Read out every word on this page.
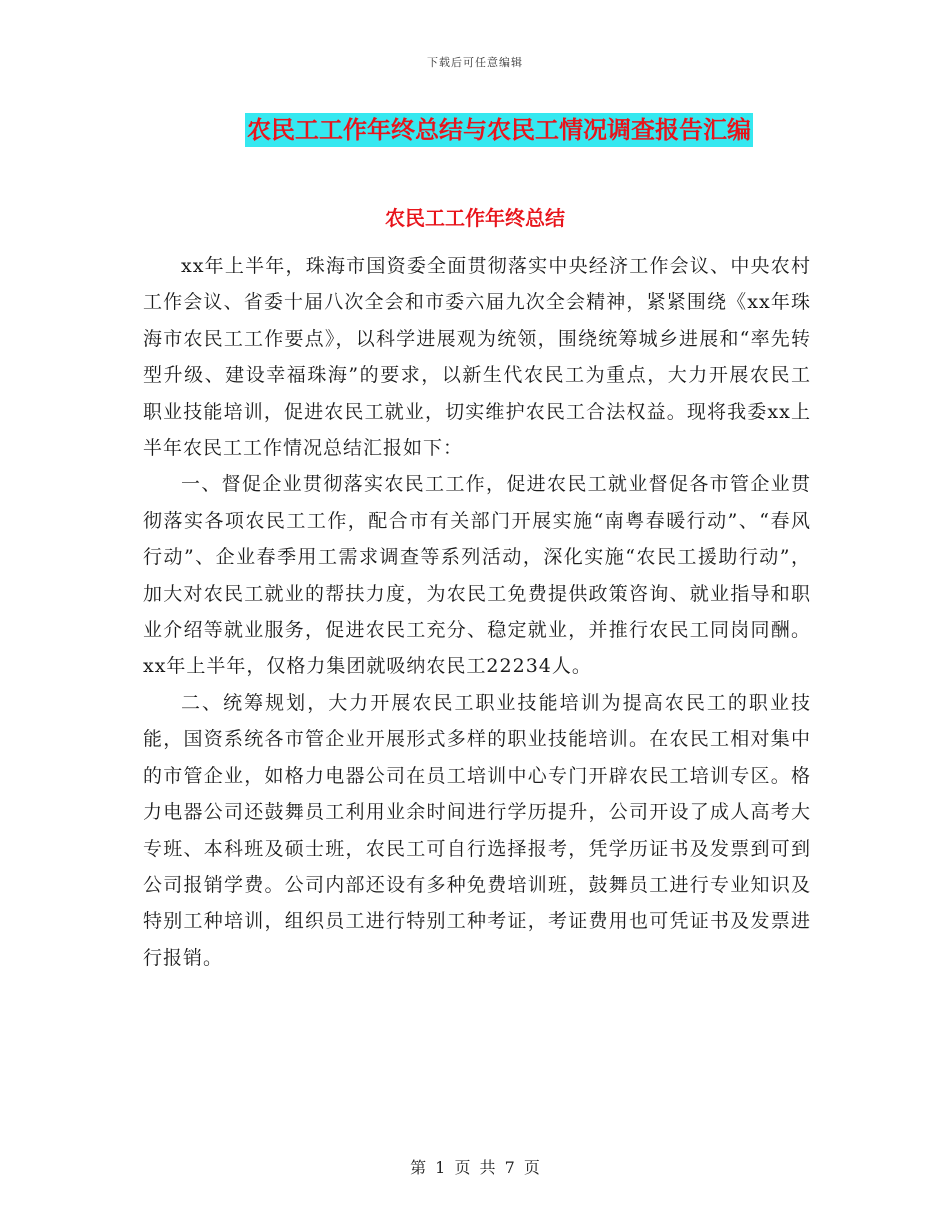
下载后可任意编辑
农民工工作年终总结与农民工情况调查报告汇编
农民工工作年终总结

xx年上半年，珠海市国资委全面贯彻落实中央经济工作会议、中央农村工作会议、省委十届八次全会和市委六届九次全会精神，紧紧围绕《xx年珠海市农民工工作要点》，以科学进展观为统领，围绕统筹城乡进展和“率先转型升级、建设幸福珠海”的要求，以新生代农民工为重点，大力开展农民工职业技能培训，促进农民工就业，切实维护农民工合法权益。现将我委xx上半年农民工工作情况总结汇报如下：

一、督促企业贯彻落实农民工工作，促进农民工就业督促各市管企业贯彻落实各项农民工工作，配合市有关部门开展实施“南粤春暖行动”、“春风行动”、企业春季用工需求调查等系列活动，深化实施“农民工援助行动”，加大对农民工就业的帮扶力度，为农民工免费提供政策咨询、就业指导和职业介绍等就业服务，促进农民工充分、稳定就业，并推行农民工同岗同酬。xx年上半年，仅格力集团就吸纳农民工22234人。

二、统筹规划，大力开展农民工职业技能培训为提高农民工的职业技能，国资系统各市管企业开展形式多样的职业技能培训。在农民工相对集中的市管企业，如格力电器公司在员工培训中心专门开辟农民工培训专区。格力电器公司还鼓舞员工利用业余时间进行学历提升，公司开设了成人高考大专班、本科班及硕士班，农民工可自行选择报考，凭学历证书及发票到可到公司报销学费。公司内部还设有多种免费培训班，鼓舞员工进行专业知识及特别工种培训，组织员工进行特别工种考证，考证费用也可凭证书及发票进行报销。

第 1 页 共 7 页
